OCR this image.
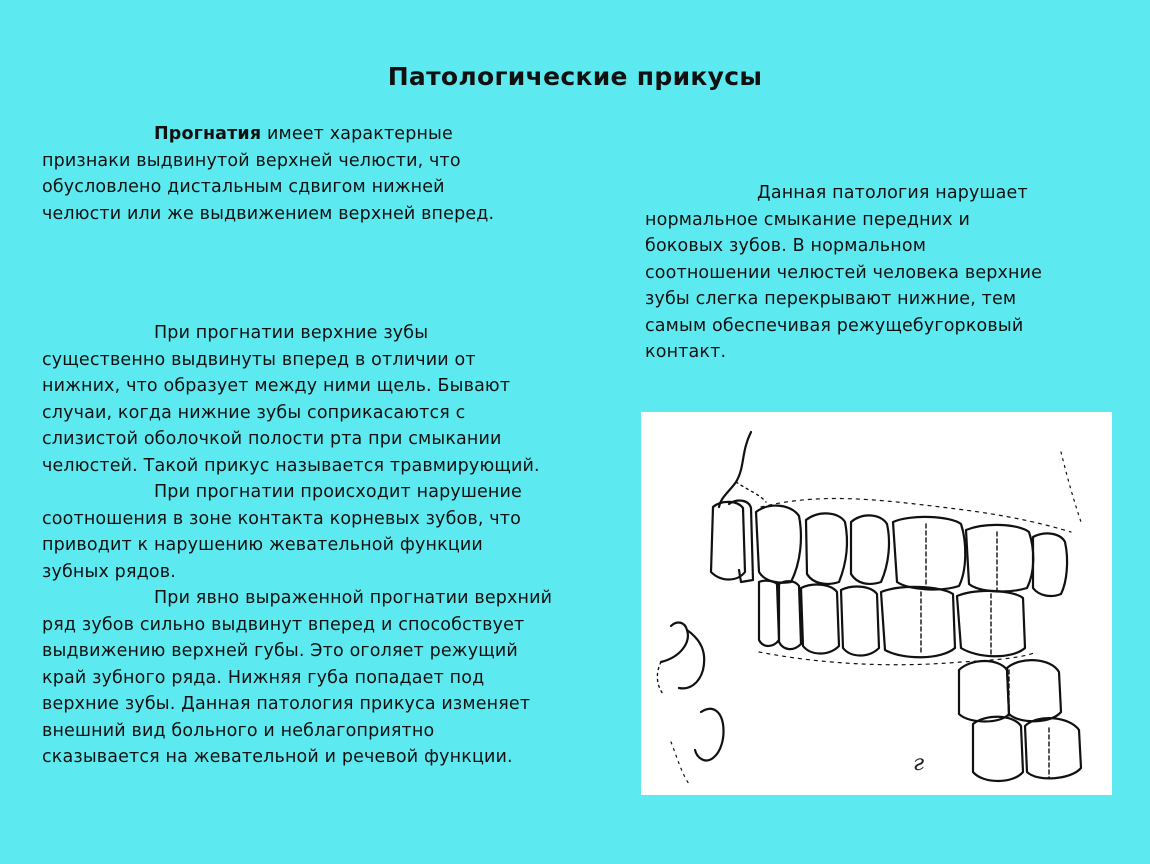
Патологические прикусы

Прогнатия имеет характерные
признаки выдвинутой верхней челюсти, что
обусловлено дистальным сдвигом нижней
челюсти или же выдвижением верхней вперед.

При прогнатии верхние зубы
существенно выдвинуты вперед в отличии от
нижних, что образует между ними щель. Бывают
случаи, когда нижние зубы соприкасаются с
слизистой оболочкой полости рта при смыкании
челюстей. Такой прикус называется травмирующий.
При прогнатии происходит нарушение
соотношения в зоне контакта корневых зубов, что
приводит к нарушению жевательной функции
зубных рядов.
При явно выраженной прогнатии верхний
ряд зубов сильно выдвинут вперед и способствует
выдвижению верхней губы. Это оголяет режущий
край зубного ряда. Нижняя губа попадает под
верхние зубы. Данная патология прикуса изменяет
внешний вид больного и неблагоприятно
сказывается на жевательной и речевой функции.

Данная патология нарушает
нормальное смыкание передних и
боковых зубов. В нормальном
соотношении челюстей человека верхние
зубы слегка перекрывают нижние, тем
самым обеспечивая режущебугорковый
контакт.

г
